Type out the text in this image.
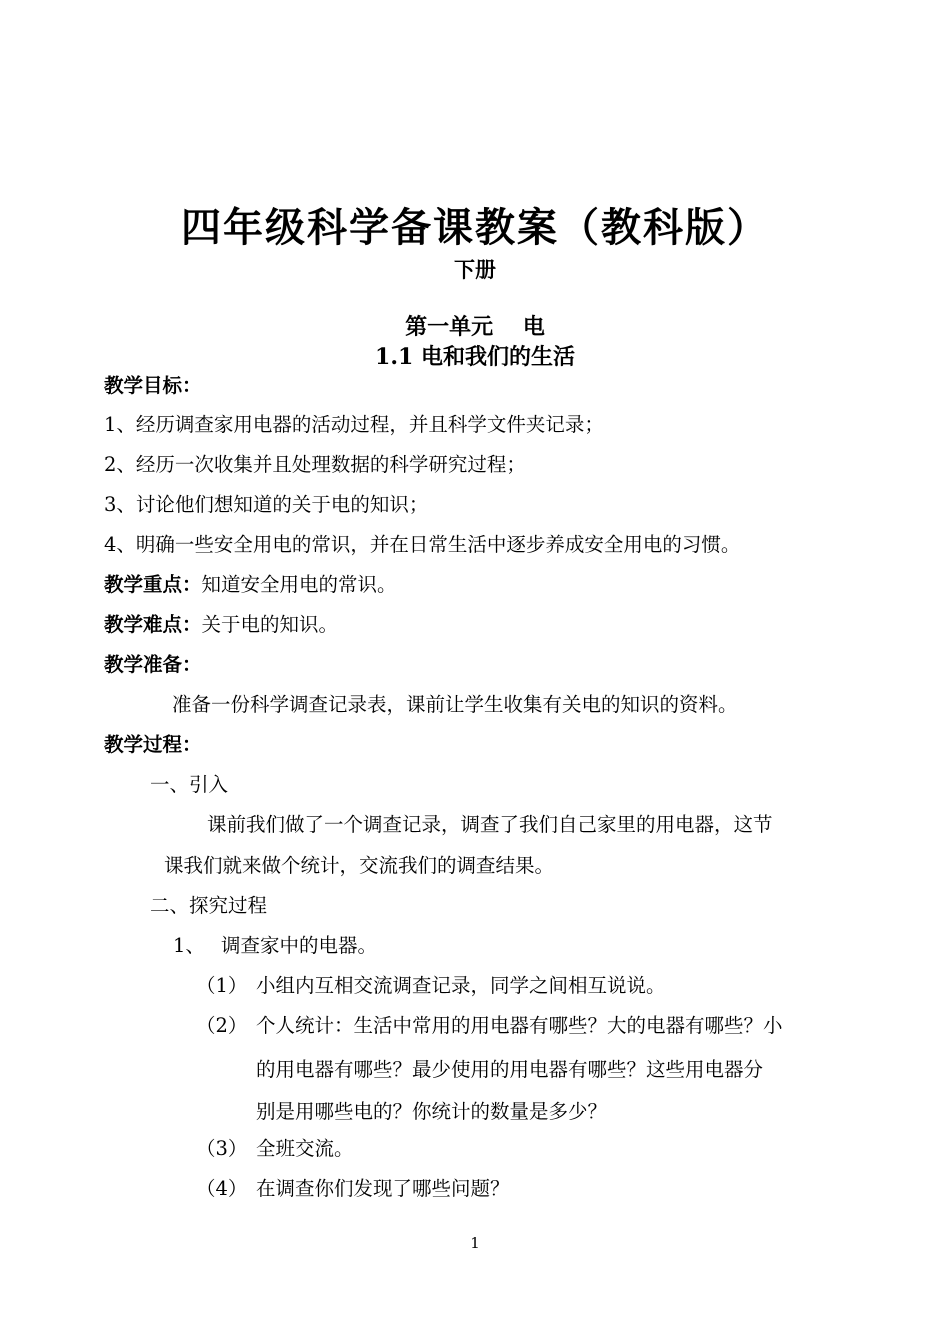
四年级科学备课教案（教科版）
下册
第一单元　 电
1.1 电和我们的生活
教学目标：
1、经历调查家用电器的活动过程，并且科学文件夹记录；
2、经历一次收集并且处理数据的科学研究过程；
3、讨论他们想知道的关于电的知识；
4、明确一些安全用电的常识，并在日常生活中逐步养成安全用电的习惯。
教学重点：知道安全用电的常识。
教学难点：关于电的知识。
教学准备：
准备一份科学调查记录表，课前让学生收集有关电的知识的资料。
教学过程：
一、引入
课前我们做了一个调查记录，调查了我们自己家里的用电器，这节
课我们就来做个统计，交流我们的调查结果。
二、探究过程
1、 调查家中的电器。
（1） 小组内互相交流调查记录，同学之间相互说说。
（2） 个人统计：生活中常用的用电器有哪些？大的电器有哪些？小
的用电器有哪些？最少使用的用电器有哪些？这些用电器分
别是用哪些电的？你统计的数量是多少？
（3） 全班交流。
（4） 在调查你们发现了哪些问题？
1
